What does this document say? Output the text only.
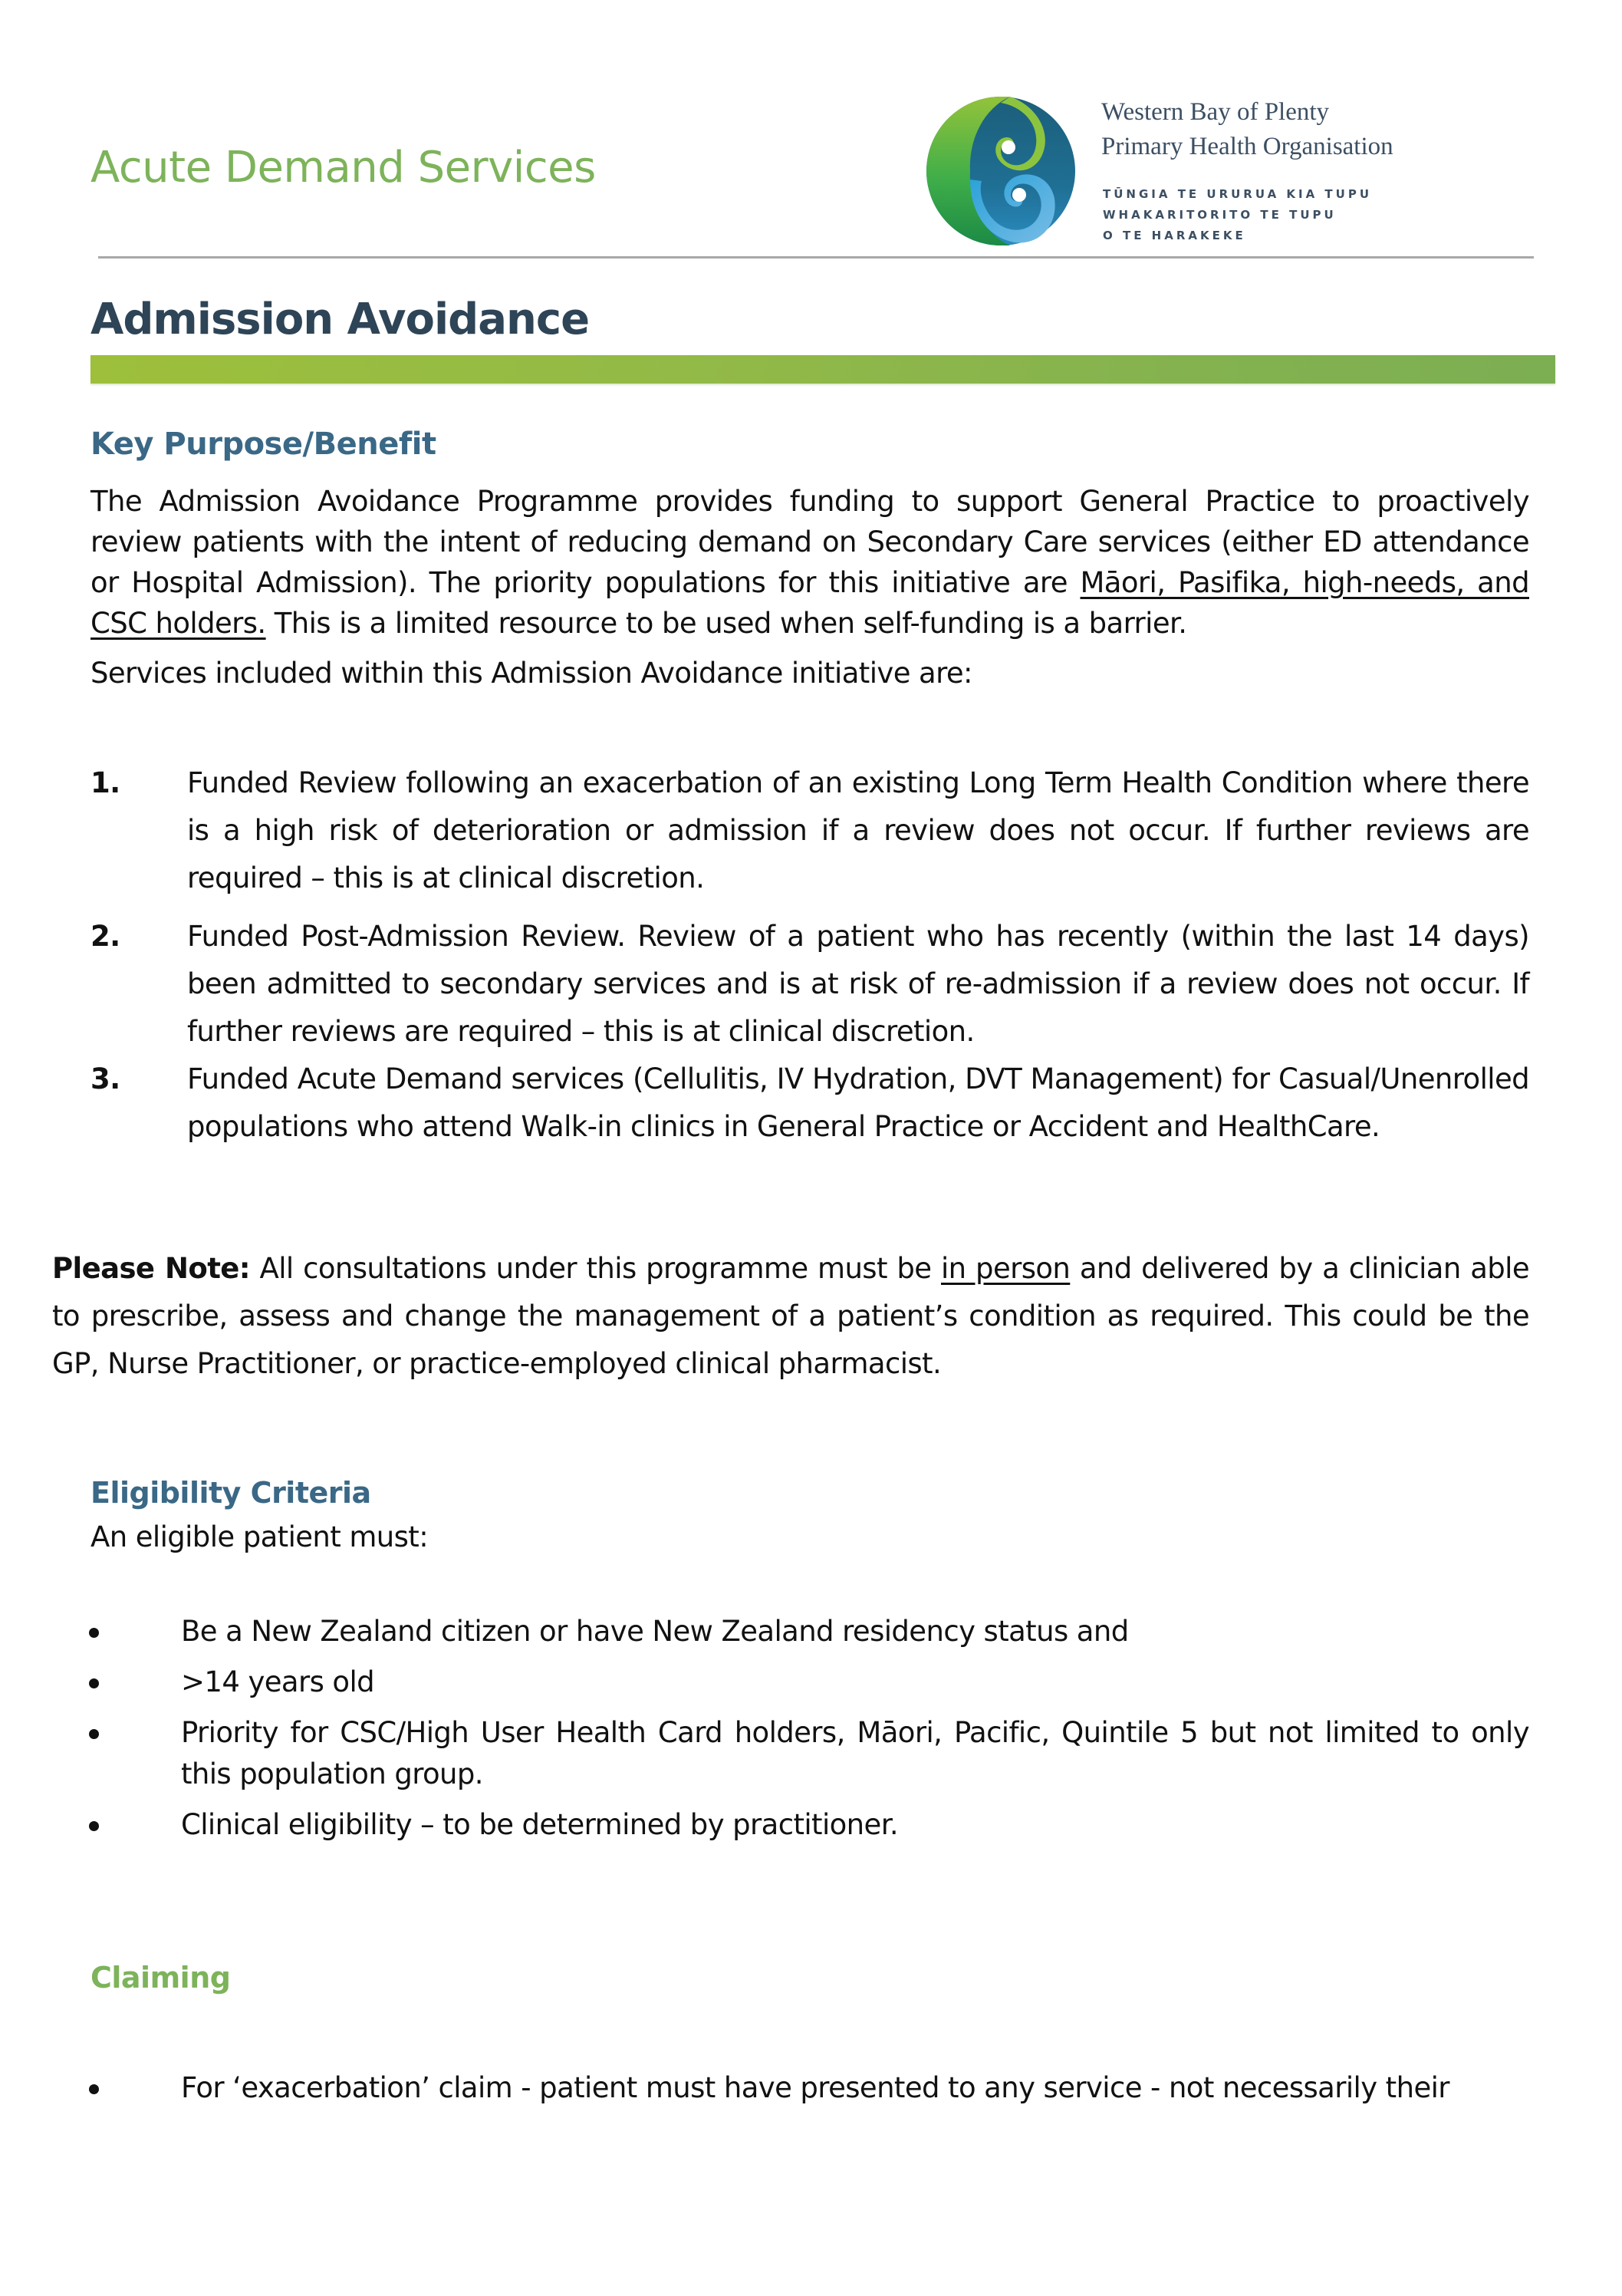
Acute Demand Services
Western Bay of Plenty
Primary Health Organisation
TŪNGIA TE URURUA KIA TUPU
WHAKARITORITO TE TUPU
O TE HARAKEKE
Admission Avoidance
Key Purpose/Benefit
The Admission Avoidance Programme provides funding to support General Practice to proactively review patients with the intent of reducing demand on Secondary Care services (either ED attendance or Hospital Admission). The priority populations for this initiative are Māori, Pasifika, high-needs, and CSC holders. This is a limited resource to be used when self-funding is a barrier.
Services included within this Admission Avoidance initiative are:
1. Funded Review following an exacerbation of an existing Long Term Health Condition where there is a high risk of deterioration or admission if a review does not occur. If further reviews are required – this is at clinical discretion.
2. Funded Post-Admission Review. Review of a patient who has recently (within the last 14 days) been admitted to secondary services and is at risk of re-admission if a review does not occur. If further reviews are required – this is at clinical discretion.
3. Funded Acute Demand services (Cellulitis, IV Hydration, DVT Management) for Casual/Unenrolled populations who attend Walk-in clinics in General Practice or Accident and HealthCare.
Please Note: All consultations under this programme must be in person and delivered by a clinician able to prescribe, assess and change the management of a patient’s condition as required. This could be the GP, Nurse Practitioner, or practice-employed clinical pharmacist.
Eligibility Criteria
An eligible patient must:
Be a New Zealand citizen or have New Zealand residency status and
>14 years old
Priority for CSC/High User Health Card holders, Māori, Pacific, Quintile 5 but not limited to only this population group.
Clinical eligibility – to be determined by practitioner.
Claiming
For ‘exacerbation’ claim - patient must have presented to any service - not necessarily their
